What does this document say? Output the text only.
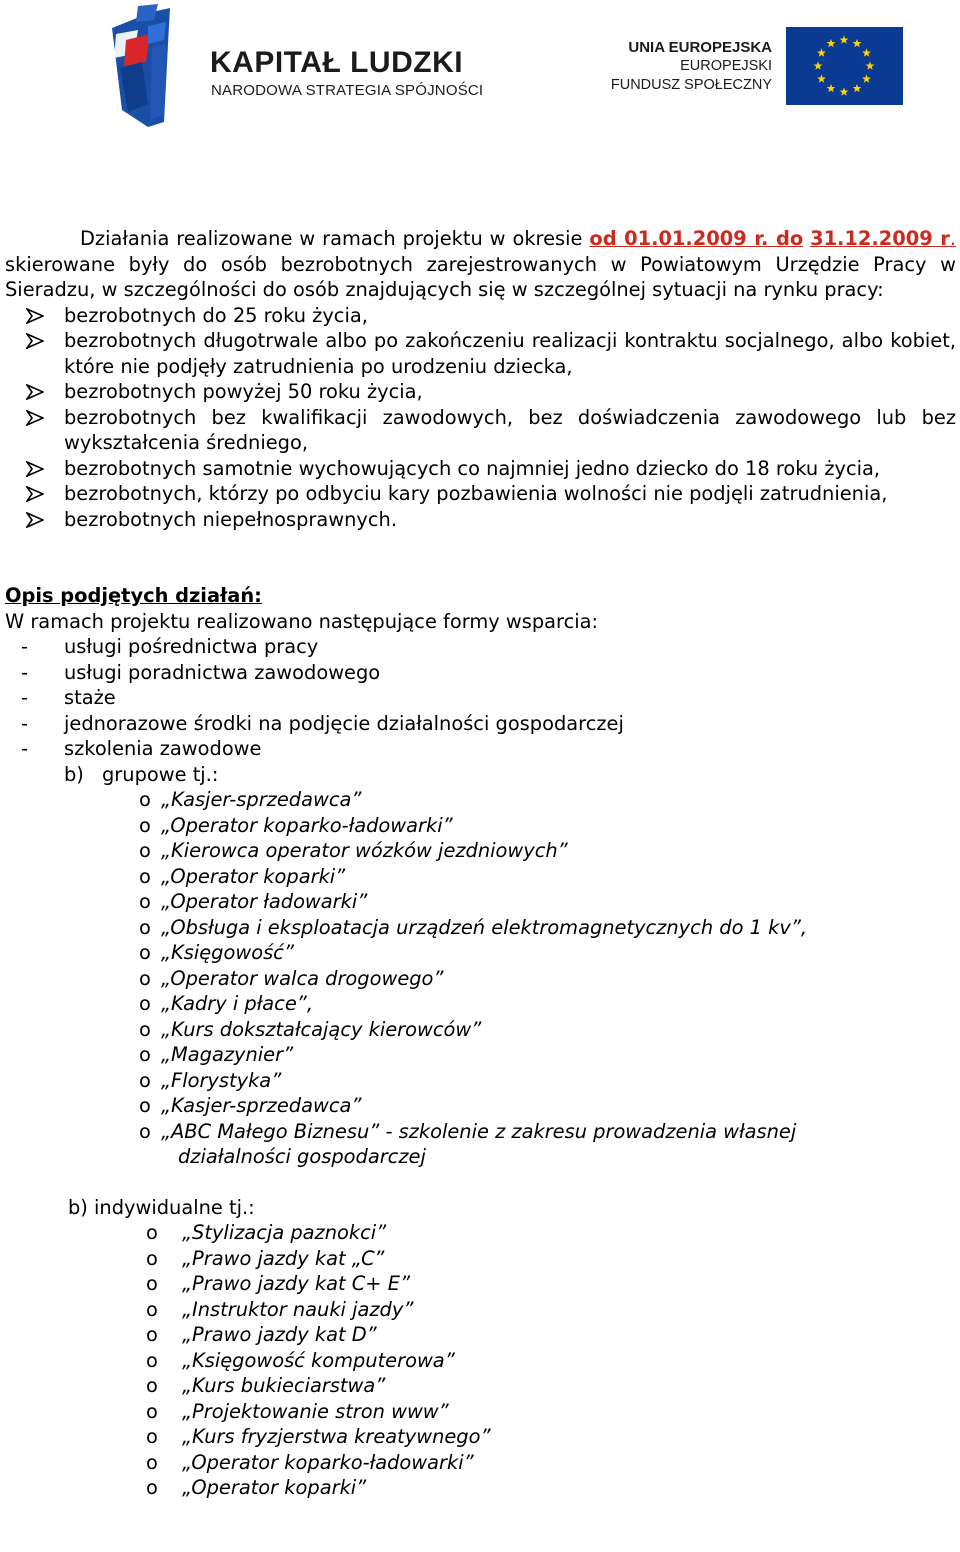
KAPITAŁ LUDZKI
NARODOWA STRATEGIA SPÓJNOŚCI
UNIA EUROPEJSKA
EUROPEJSKI
FUNDUSZ SPOŁECZNY
Działania realizowane w ramach projektu w okresie od 01.01.2009 r. do 31.12.2009 r. skierowane były do osób bezrobotnych zarejestrowanych w Powiatowym Urzędzie Pracy w Sieradzu, w szczególności do osób znajdujących się w szczególnej sytuacji na rynku pracy:
bezrobotnych do 25 roku życia,
bezrobotnych długotrwale albo po zakończeniu realizacji kontraktu socjalnego, albo kobiet, które nie podjęły zatrudnienia po urodzeniu dziecka,
bezrobotnych powyżej 50 roku życia,
bezrobotnych bez kwalifikacji zawodowych, bez doświadczenia zawodowego lub bez wykształcenia średniego,
bezrobotnych samotnie wychowujących co najmniej jedno dziecko do 18 roku życia,
bezrobotnych, którzy po odbyciu kary pozbawienia wolności nie podjęli zatrudnienia,
bezrobotnych niepełnosprawnych.
Opis podjętych działań:
W ramach projektu realizowano następujące formy wsparcia:
- usługi pośrednictwa pracy
- usługi poradnictwa zawodowego
- staże
- jednorazowe środki na podjęcie działalności gospodarczej
- szkolenia zawodowe
b) grupowe tj.:
o „Kasjer-sprzedawca”
o „Operator koparko-ładowarki”
o „Kierowca operator wózków jezdniowych”
o „Operator koparki”
o „Operator ładowarki”
o „Obsługa i eksploatacja urządzeń elektromagnetycznych do 1 kv”,
o „Księgowość”
o „Operator walca drogowego”
o „Kadry i płace”,
o „Kurs dokształcający kierowców”
o „Magazynier”
o „Florystyka”
o „Kasjer-sprzedawca”
o „ABC Małego Biznesu” - szkolenie z zakresu prowadzenia własnej
działalności gospodarczej
b) indywidualne tj.:
o „Stylizacja paznokci”
o „Prawo jazdy kat „C”
o „Prawo jazdy kat C+ E”
o „Instruktor nauki jazdy”
o „Prawo jazdy kat D”
o „Księgowość komputerowa”
o „Kurs bukieciarstwa”
o „Projektowanie stron www”
o „Kurs fryzjerstwa kreatywnego”
o „Operator koparko-ładowarki”
o „Operator koparki”
